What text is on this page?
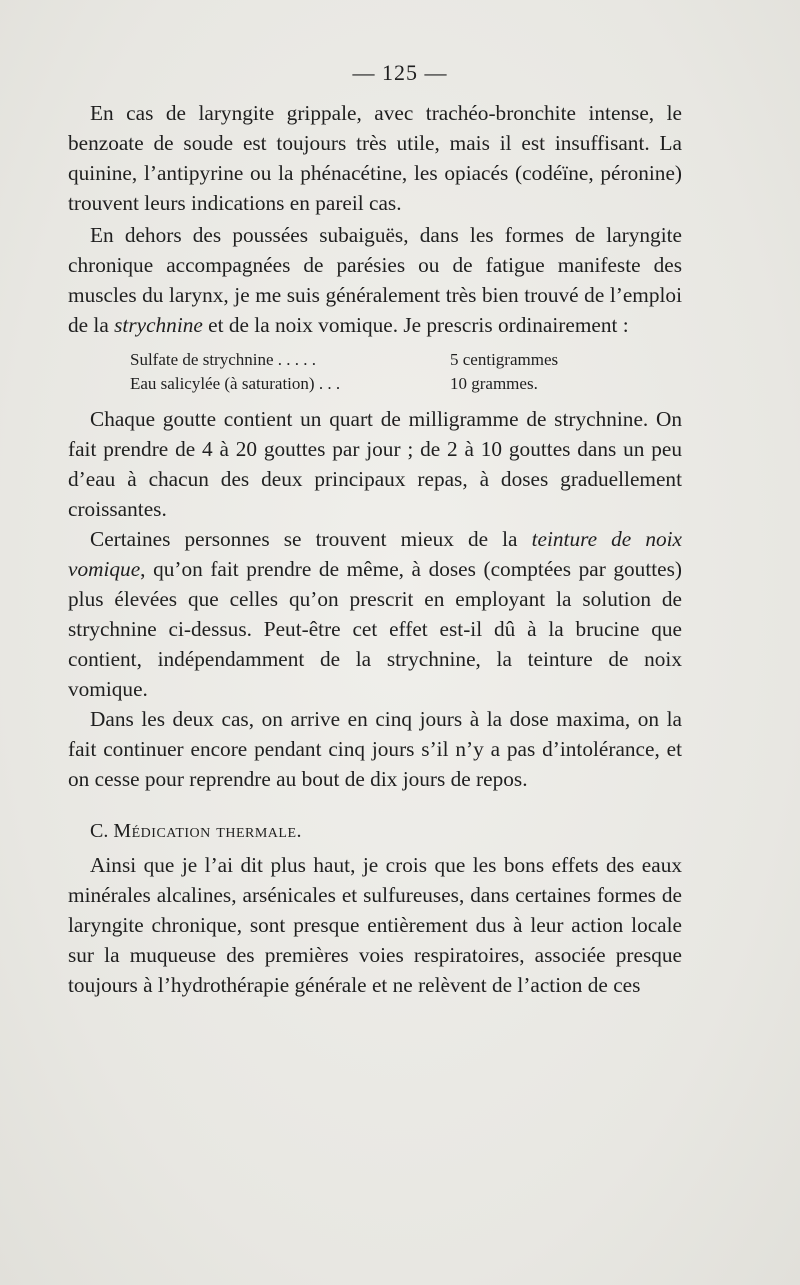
— 125 —

En cas de laryngite grippale, avec trachéo-bronchite intense, le benzoate de soude est toujours très utile, mais il est insuffisant. La quinine, l’antipyrine ou la phénacétine, les opiacés (codéïne, péronine) trouvent leurs indications en pareil cas.

En dehors des poussées subaiguës, dans les formes de laryngite chronique accompagnées de parésies ou de fatigue manifeste des muscles du larynx, je me suis généralement très bien trouvé de l’emploi de la strychnine et de la noix vomique. Je prescris ordinairement :

Sulfate de strychnine . . . . .	5 centigrammes
Eau salicylée (à saturation) . . .	10 grammes.

Chaque goutte contient un quart de milligramme de strychnine. On fait prendre de 4 à 20 gouttes par jour ; de 2 à 10 gouttes dans un peu d’eau à chacun des deux principaux repas, à doses graduellement croissantes.

Certaines personnes se trouvent mieux de la teinture de noix vomique, qu’on fait prendre de même, à doses (comptées par gouttes) plus élevées que celles qu’on prescrit en employant la solution de strychnine ci-dessus. Peut-être cet effet est-il dû à la brucine que contient, indépendamment de la strychnine, la teinture de noix vomique.

Dans les deux cas, on arrive en cinq jours à la dose maxima, on la fait continuer encore pendant cinq jours s’il n’y a pas d’intolérance, et on cesse pour reprendre au bout de dix jours de repos.

C. Médication thermale.

Ainsi que je l’ai dit plus haut, je crois que les bons effets des eaux minérales alcalines, arsénicales et sulfureuses, dans certaines formes de laryngite chronique, sont presque entièrement dus à leur action locale sur la muqueuse des premières voies respiratoires, associée presque toujours à l’hydrothérapie générale et ne relèvent de l’action de ces
